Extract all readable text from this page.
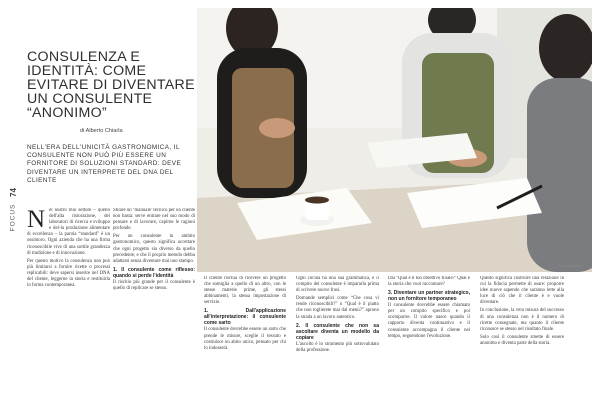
74
FOCUS
CONSULENZA E IDENTITÀ: COME EVITARE DI DIVENTARE UN CONSULENTE “ANONIMO”
di Alberto Chiarla

NELL'ERA DELL'UNICITÀ GASTRONOMICA, IL CONSULENTE NON PUÒ PIÙ ESSERE UN FORNITORE DI SOLUZIONI STANDARD: DEVE DIVENTARE UN INTERPRETE DEL DNA DEL CLIENTE

©stockadobe

Nel nostro mio settore – quello dell'alta ristorazione, dei laboratori di ricerca e sviluppo e del-la produzione alimentare di eccellenza – la parola “standard” è un ossimoro. Ogni azienda che ha una firma riconoscibile vive di una sottile grandezza di tradizione e di innovazione.

Per questo motivo la consulenza non può più limitarsi a fornire ricette o processi replicabili: deve sapersi inserire nel DNA del cliente, leggerne la storia e restituirla in forma contemporanea.

Stilare un ‘manuale’ tecnico per un cliente non basta: serve entrare nel suo modo di pensare e di lavorare, capirne le ragioni profonde.

Per un consulente in ambito gastronomico, questo significa accettare che ogni progetto sia diverso da quello precedente, e che il proprio metodo debba adattarsi senza diventare mai uno stampo.

1. Il consulente come riflesso: quando si perde l'identità

Il rischio più grande per il consulente è quello di replicare se stesso.

Il cliente rischia di ricevere un progetto che somiglia a quello di un altro, con le stesse materie prime, gli stessi abbinamenti, la stessa impostazione di servizio.

1. Dall'applicazione all'interpretazione: il consulente come sarto

Il consulente dovrebbe essere un sarto che prende le misure, sceglie il tessuto e costruisce un abito unico, pensato per chi lo indosserà.

Ogni cucina ha una sua grammatica, e il compito del consulente è impararla prima di scrivere nuove frasi.

Domande semplici come “Che cosa vi rende riconoscibili?” o “Qual è il piatto che non toglierete mai dal menù?” aprono la strada a un lavoro autentico.

2. Il consulente che non sa ascoltare diventa un modello da copiare

L'ascolto è lo strumento più sottovalutato della professione.

Dai ‘Qual è il tuo obiettivo finale?’ Qual è la storia che vuoi raccontare?

3. Diventare un partner strategico, non un fornitore temporaneo

Il consulente dovrebbe essere chiamato per un compito specifico e poi scomparire. Il valore nasce quando il rapporto diventa continuativo e il consulente accompagna il cliente nel tempo, seguendone l'evoluzione.

Questo significa costruire una relazione in cui la fiducia permette di osare: proporre idee nuove sapendo che saranno lette alla luce di ciò che il cliente è e vuole diventare.

In conclusione, la vera misura del successo di una consulenza non è il numero di ricette consegnate, ma quanto il cliente riconosce se stesso nel risultato finale.

Solo così il consulente smette di essere anonimo e diventa parte della storia.
